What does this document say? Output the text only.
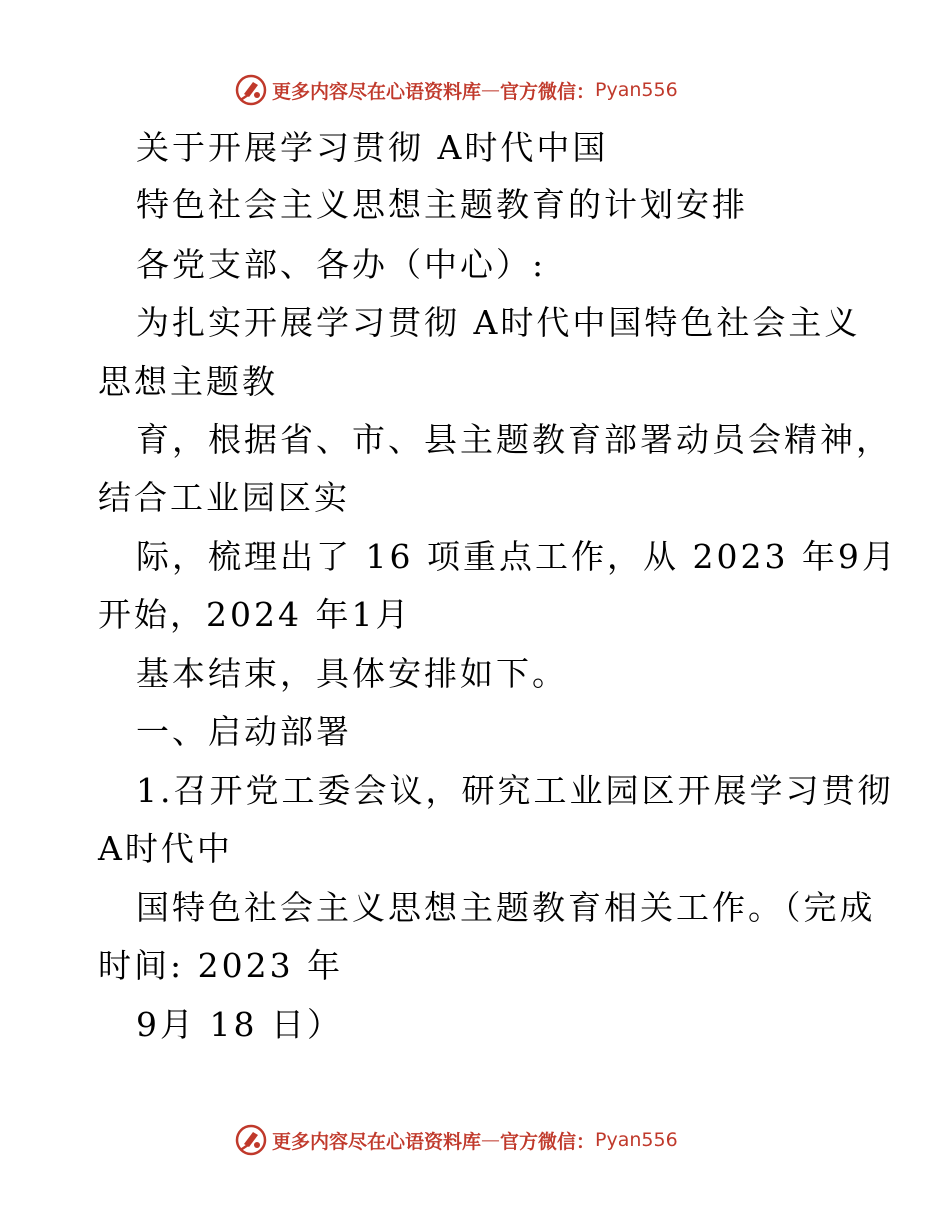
更多内容尽在心语资料库 — 官方微信： Pyan556
关于开展学习贯彻 A时代中国
特色社会主义思想主题教育的计划安排
各党支部、各办（中心）:
为扎实开展学习贯彻 A时代中国特色社会主义
思想主题教
育，根据省、市、县主题教育部署动员会精神，
结合工业园区实
际，梳理出了 16 项重点工作，从 2023 年9月
开始，2024 年1月
基本结束，具体安排如下。
一、启动部署
1.召开党工委会议，研究工业园区开展学习贯彻
A时代中
国特色社会主义思想主题教育相关工作。（完成
时间: 2023 年
9月 18 日）
更多内容尽在心语资料库 — 官方微信： Pyan556
